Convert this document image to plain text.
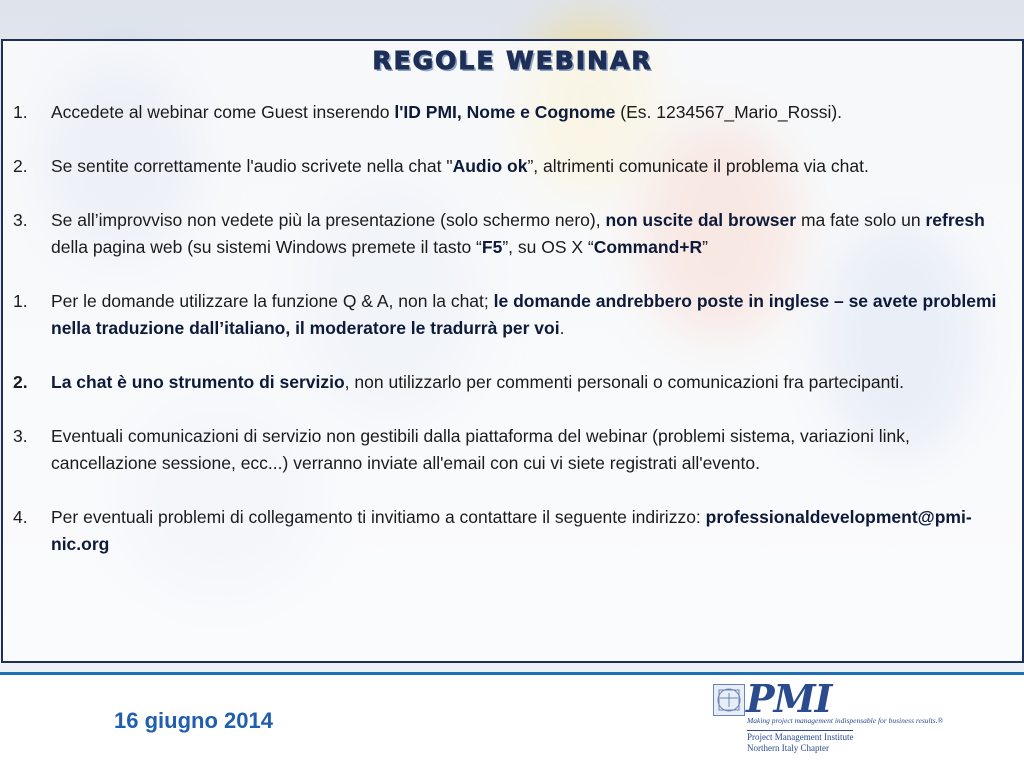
REGOLE WEBINAR
1. Accedete al webinar come Guest inserendo l'ID PMI, Nome e Cognome (Es. 1234567_Mario_Rossi).
2. Se sentite correttamente l'audio scrivete nella chat "Audio ok”, altrimenti comunicate il problema via chat.
3. Se all’improvviso non vedete più la presentazione (solo schermo nero), non uscite dal browser ma fate solo un refresh della pagina web (su sistemi Windows premete il tasto “F5”, su OS X “Command+R”
1. Per le domande utilizzare la funzione Q & A, non la chat; le domande andrebbero poste in inglese – se avete problemi nella traduzione dall’italiano, il moderatore le tradurrà per voi.
2. La chat è uno strumento di servizio, non utilizzarlo per commenti personali o comunicazioni fra partecipanti.
3. Eventuali comunicazioni di servizio non gestibili dalla piattaforma del webinar (problemi sistema, variazioni link, cancellazione sessione, ecc...) verranno inviate all'email con cui vi siete registrati all'evento.
4. Per eventuali problemi di collegamento ti invitiamo a contattare il seguente indirizzo: professionaldevelopment@pmi-nic.org
16 giugno 2014	PMI
Making project management indispensable for business results.®
Project Management Institute
Northern Italy Chapter
